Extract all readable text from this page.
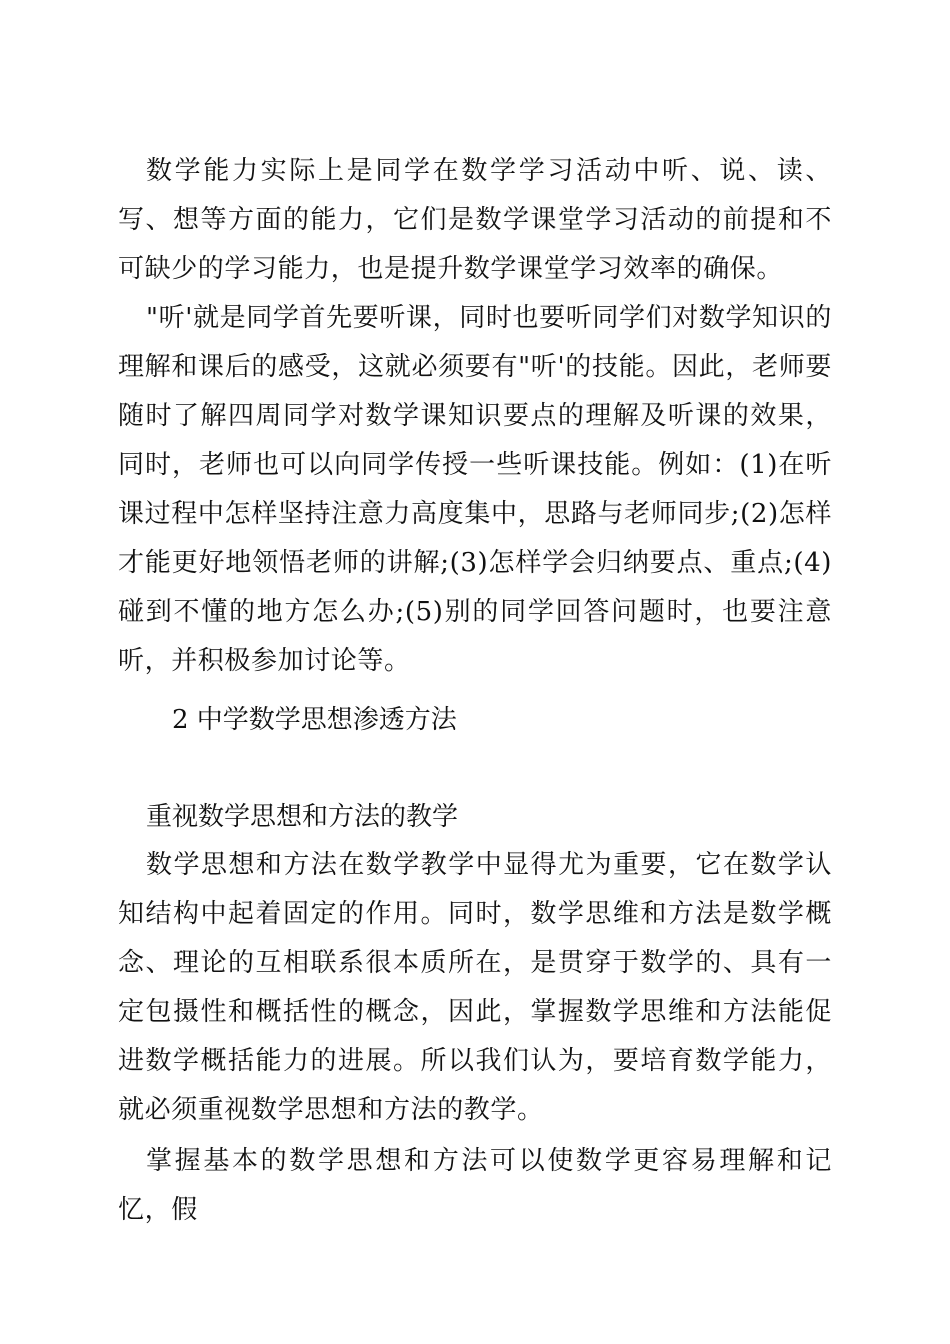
数学能力实际上是同学在数学学习活动中听、说、读、写、想等方面的能力，它们是数学课堂学习活动的前提和不可缺少的学习能力，也是提升数学课堂学习效率的确保。

"听'就是同学首先要听课，同时也要听同学们对数学知识的理解和课后的感受，这就必须要有"听'的技能。因此，老师要随时了解四周同学对数学课知识要点的理解及听课的效果，同时，老师也可以向同学传授一些听课技能。例如：(1)在听课过程中怎样坚持注意力高度集中，思路与老师同步;(2)怎样才能更好地领悟老师的讲解;(3)怎样学会归纳要点、重点;(4)碰到不懂的地方怎么办;(5)别的同学回答问题时，也要注意听，并积极参加讨论等。

2 中学数学思想渗透方法
重视数学思想和方法的教学

数学思想和方法在数学教学中显得尤为重要，它在数学认知结构中起着固定的作用。同时，数学思维和方法是数学概念、理论的互相联系很本质所在，是贯穿于数学的、具有一定包摄性和概括性的概念，因此，掌握数学思维和方法能促进数学概括能力的进展。所以我们认为，要培育数学能力，就必须重视数学思想和方法的教学。

掌握基本的数学思想和方法可以使数学更容易理解和记忆，假
